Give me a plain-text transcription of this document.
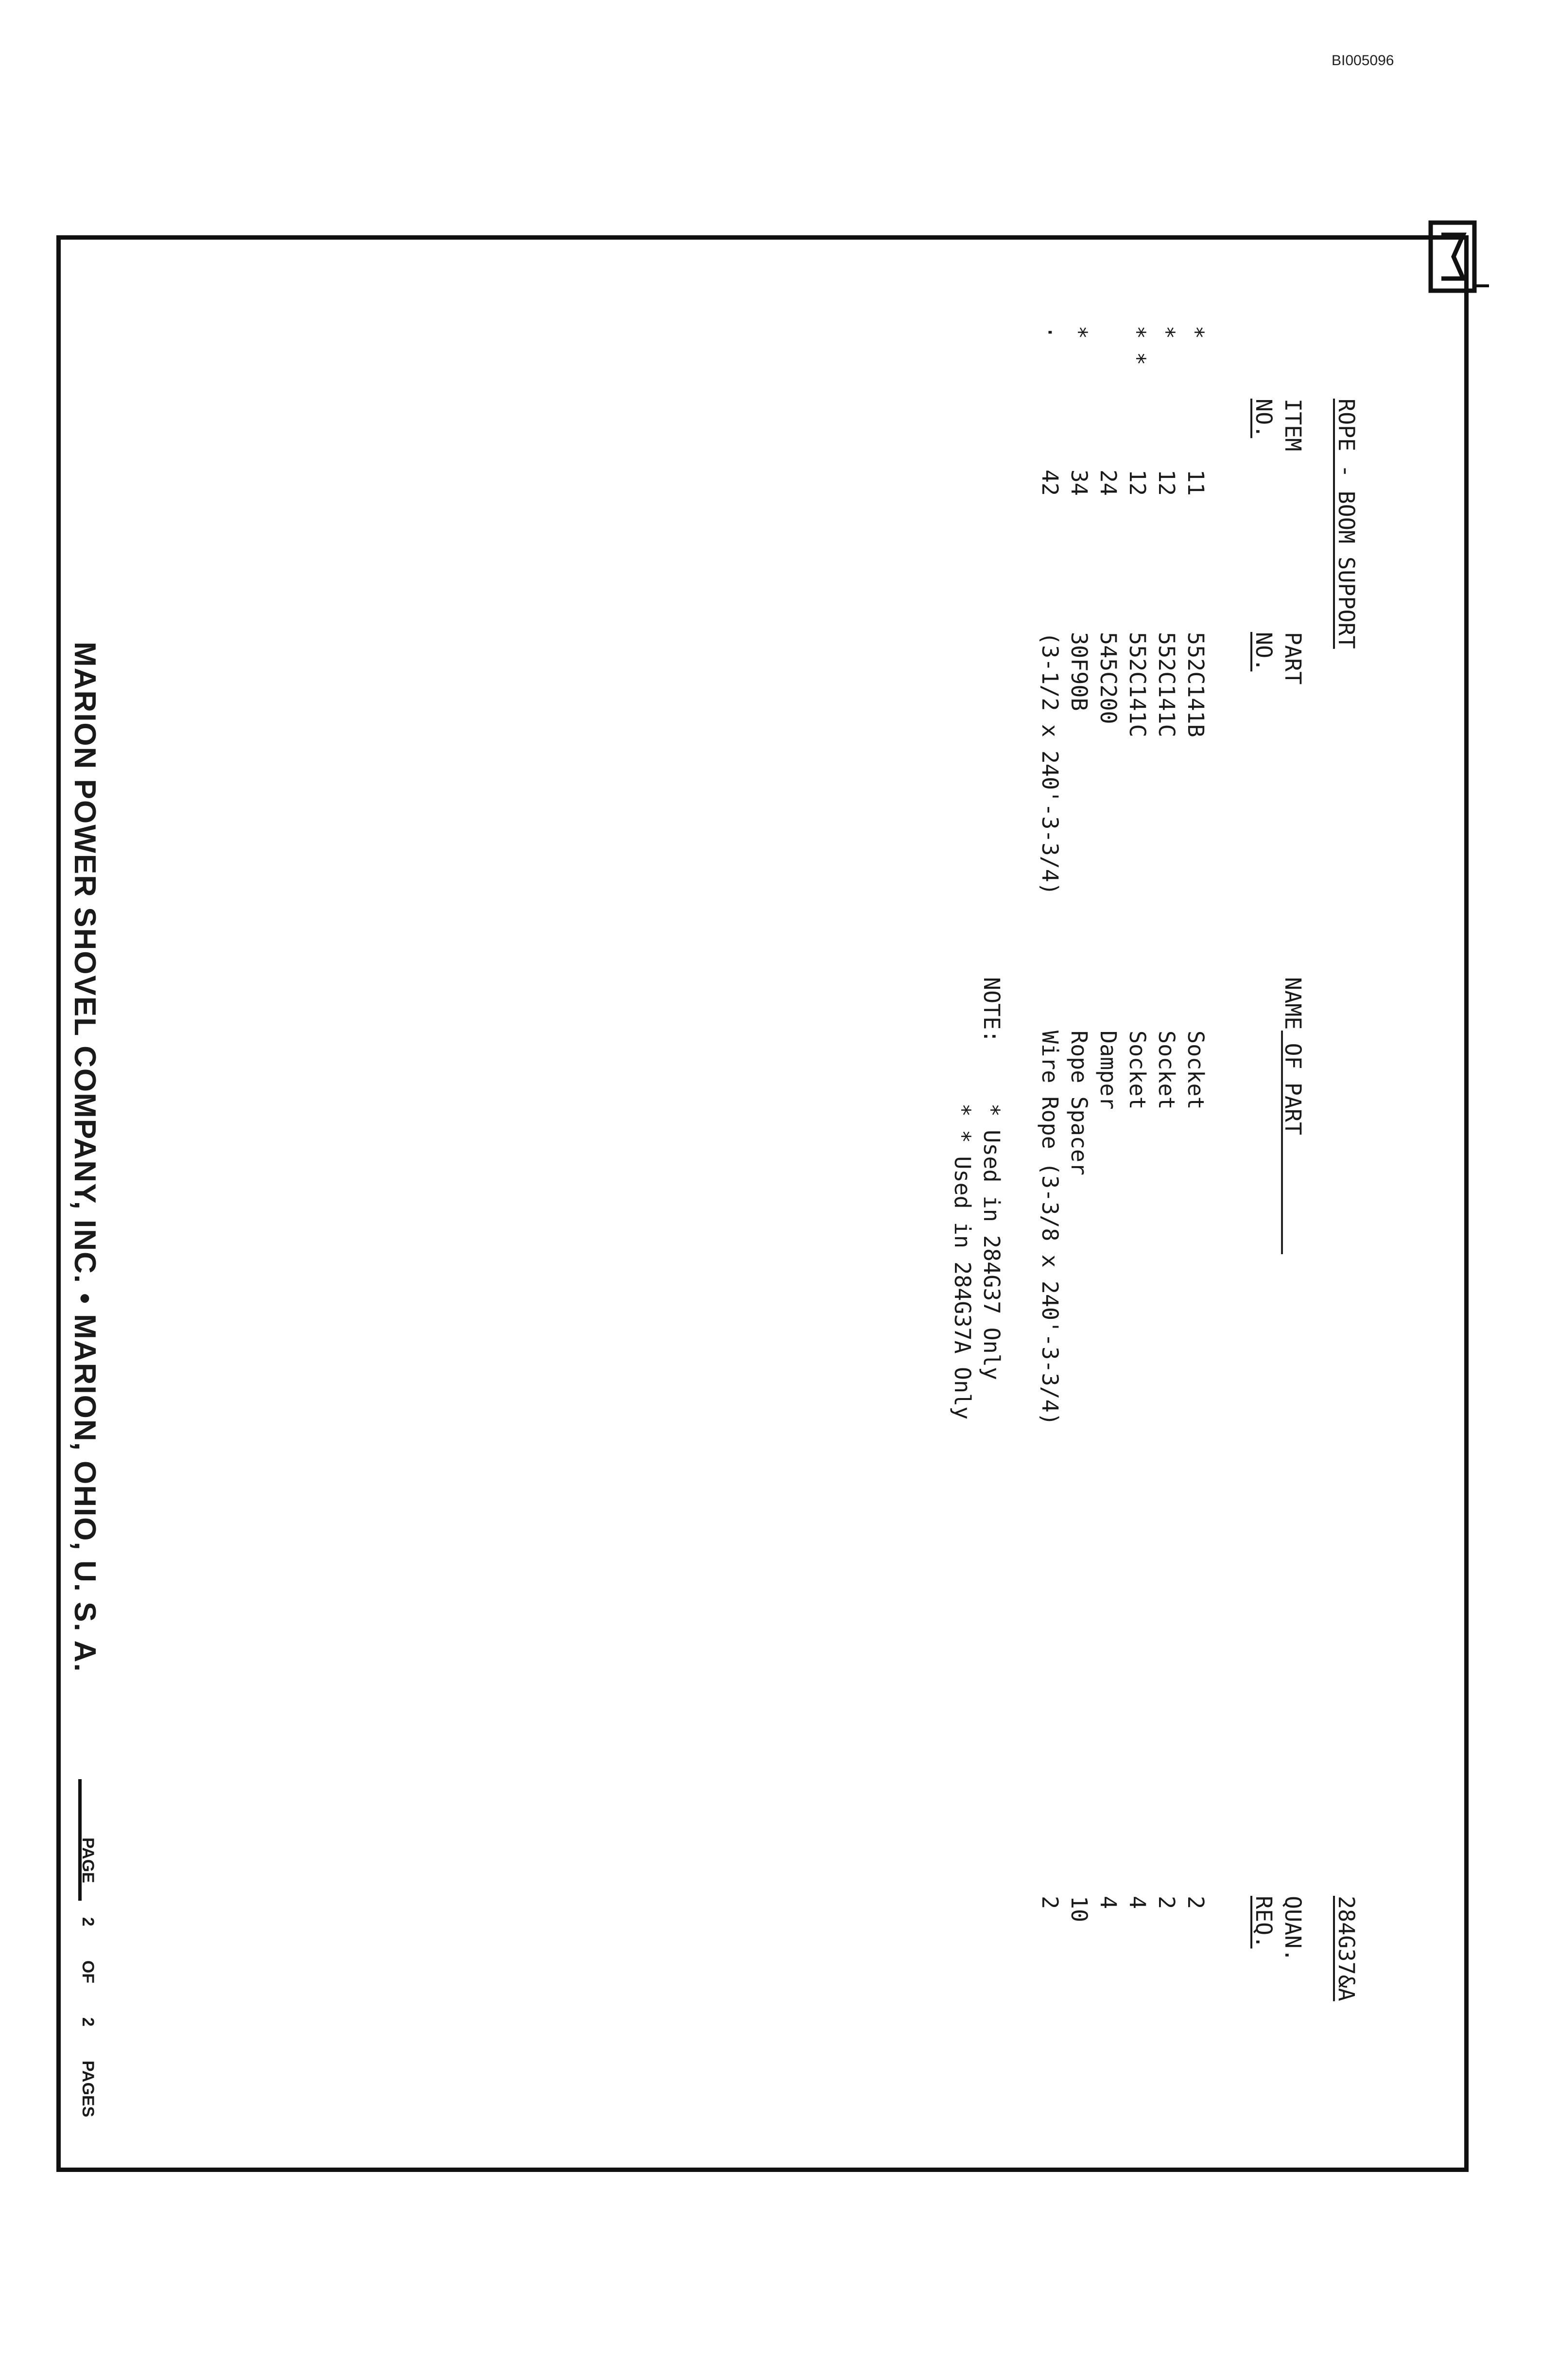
BI005096
ROPE - BOOM SUPPORT
284G37&A
ITEM
NO.
PART
NO.
NAME OF PART
QUAN.
REQ.
*
*
* *
*
·
11
12
12
24
34
42
552C141B
552C141C
552C141C
545C200
30F90B
(3-1/2 x 240'-3-3/4)
Socket
Socket
Socket
Damper
Rope Spacer
Wire Rope (3-3/8 x 240'-3-3/4)
2
2
4
4
10
2
NOTE:
* Used in 284G37 Only
* * Used in 284G37A Only
MARION POWER SHOVEL COMPANY, INC. • MARION, OHIO, U. S. A.
PAGE2OF2PAGES
